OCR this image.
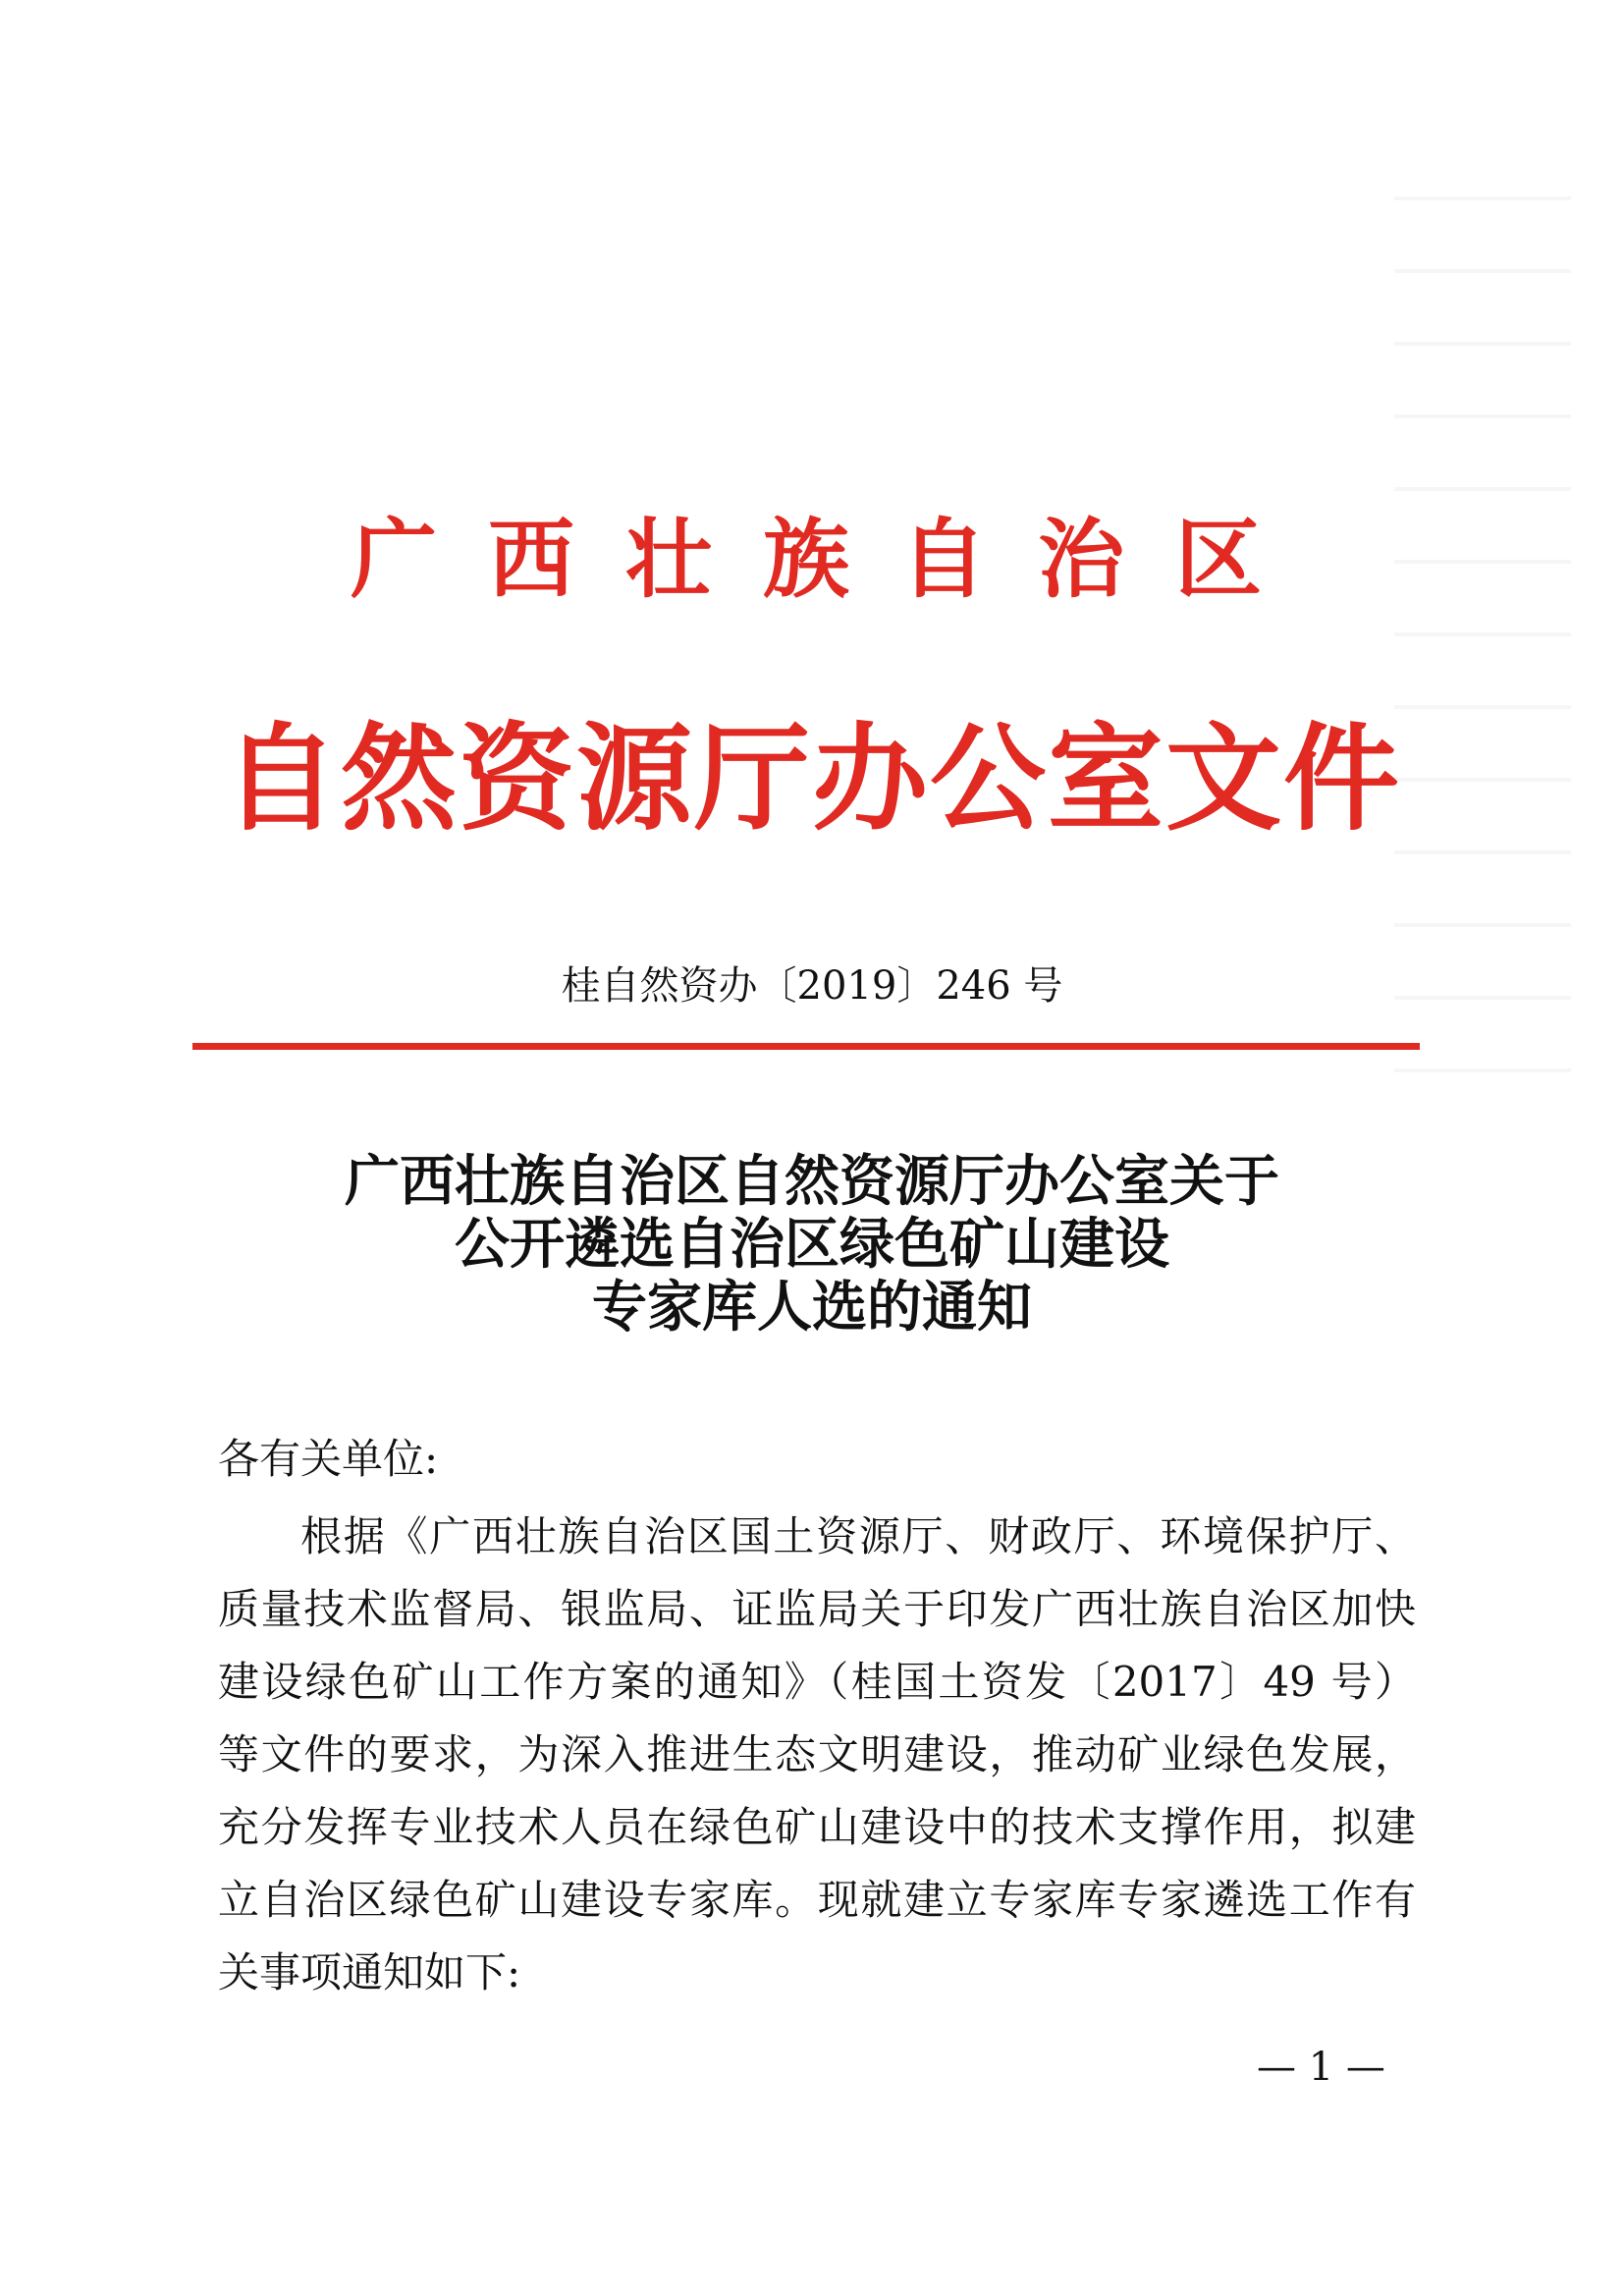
广西壮族自治区
自然资源厅办公室文件
桂自然资办〔2019〕246 号
广西壮族自治区自然资源厅办公室关于
公开遴选自治区绿色矿山建设
专家库人选的通知
各有关单位:
根据《广西壮族自治区国土资源厅、财政厅、环境保护厅、
质量技术监督局、银监局、证监局关于印发广西壮族自治区加快
建设绿色矿山工作方案的通知》（桂国土资发〔2017〕49 号）
等文件的要求，为深入推进生态文明建设，推动矿业绿色发展，
充分发挥专业技术人员在绿色矿山建设中的技术支撑作用，拟建
立自治区绿色矿山建设专家库。现就建立专家库专家遴选工作有
关事项通知如下:
— 1 —
